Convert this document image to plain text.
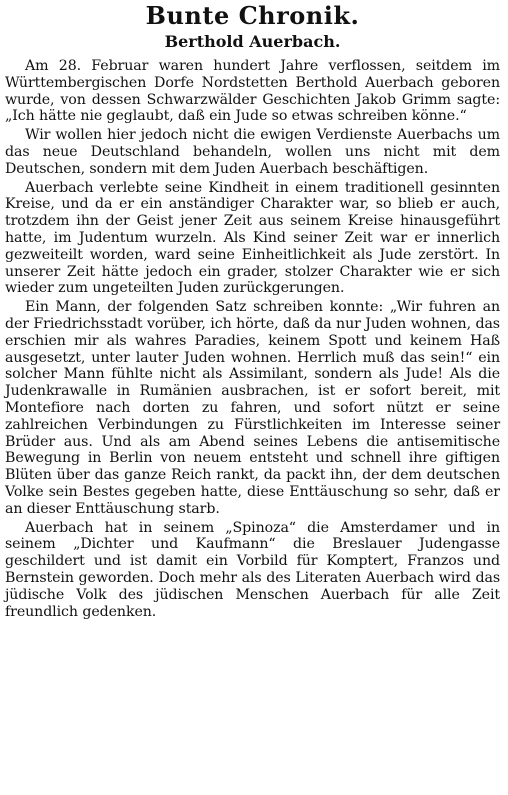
Bunte Chronik.
Berthold Auerbach.

Am 28. Februar waren hundert Jahre verflossen, seitdem im Württembergischen Dorfe Nordstetten Berthold Auerbach geboren wurde, von dessen Schwarzwälder Geschichten Jakob Grimm sagte: „Ich hätte nie geglaubt, daß ein Jude so etwas schreiben könne.“

Wir wollen hier jedoch nicht die ewigen Verdienste Auerbachs um das neue Deutschland behandeln, wollen uns nicht mit dem Deutschen, sondern mit dem Juden Auerbach beschäftigen.

Auerbach verlebte seine Kindheit in einem traditionell gesinnten Kreise, und da er ein anständiger Charakter war, so blieb er auch, trotzdem ihn der Geist jener Zeit aus seinem Kreise hinausgeführt hatte, im Judentum wurzeln. Als Kind seiner Zeit war er innerlich gezweiteilt worden, ward seine Einheitlichkeit als Jude zerstört. In unserer Zeit hätte jedoch ein grader, stolzer Charakter wie er sich wieder zum ungeteilten Juden zurückgerungen.

Ein Mann, der folgenden Satz schreiben konnte: „Wir fuhren an der Friedrichsstadt vorüber, ich hörte, daß da nur Juden wohnen, das erschien mir als wahres Paradies, keinem Spott und keinem Haß ausgesetzt, unter lauter Juden wohnen. Herrlich muß das sein!“ ein solcher Mann fühlte nicht als Assimilant, sondern als Jude! Als die Judenkrawalle in Rumänien ausbrachen, ist er sofort bereit, mit Montefiore nach dorten zu fahren, und sofort nützt er seine zahlreichen Verbindungen zu Fürstlichkeiten im Interesse seiner Brüder aus. Und als am Abend seines Lebens die antisemitische Bewegung in Berlin von neuem entsteht und schnell ihre giftigen Blüten über das ganze Reich rankt, da packt ihn, der dem deutschen Volke sein Bestes gegeben hatte, diese Enttäuschung so sehr, daß er an dieser Enttäuschung starb.

Auerbach hat in seinem „Spinoza“ die Amsterdamer und in seinem „Dichter und Kaufmann“ die Breslauer Judengasse geschildert und ist damit ein Vorbild für Komptert, Franzos und Bernstein geworden. Doch mehr als des Literaten Auerbach wird das jüdische Volk des jüdischen Menschen Auerbach für alle Zeit freundlich gedenken.
